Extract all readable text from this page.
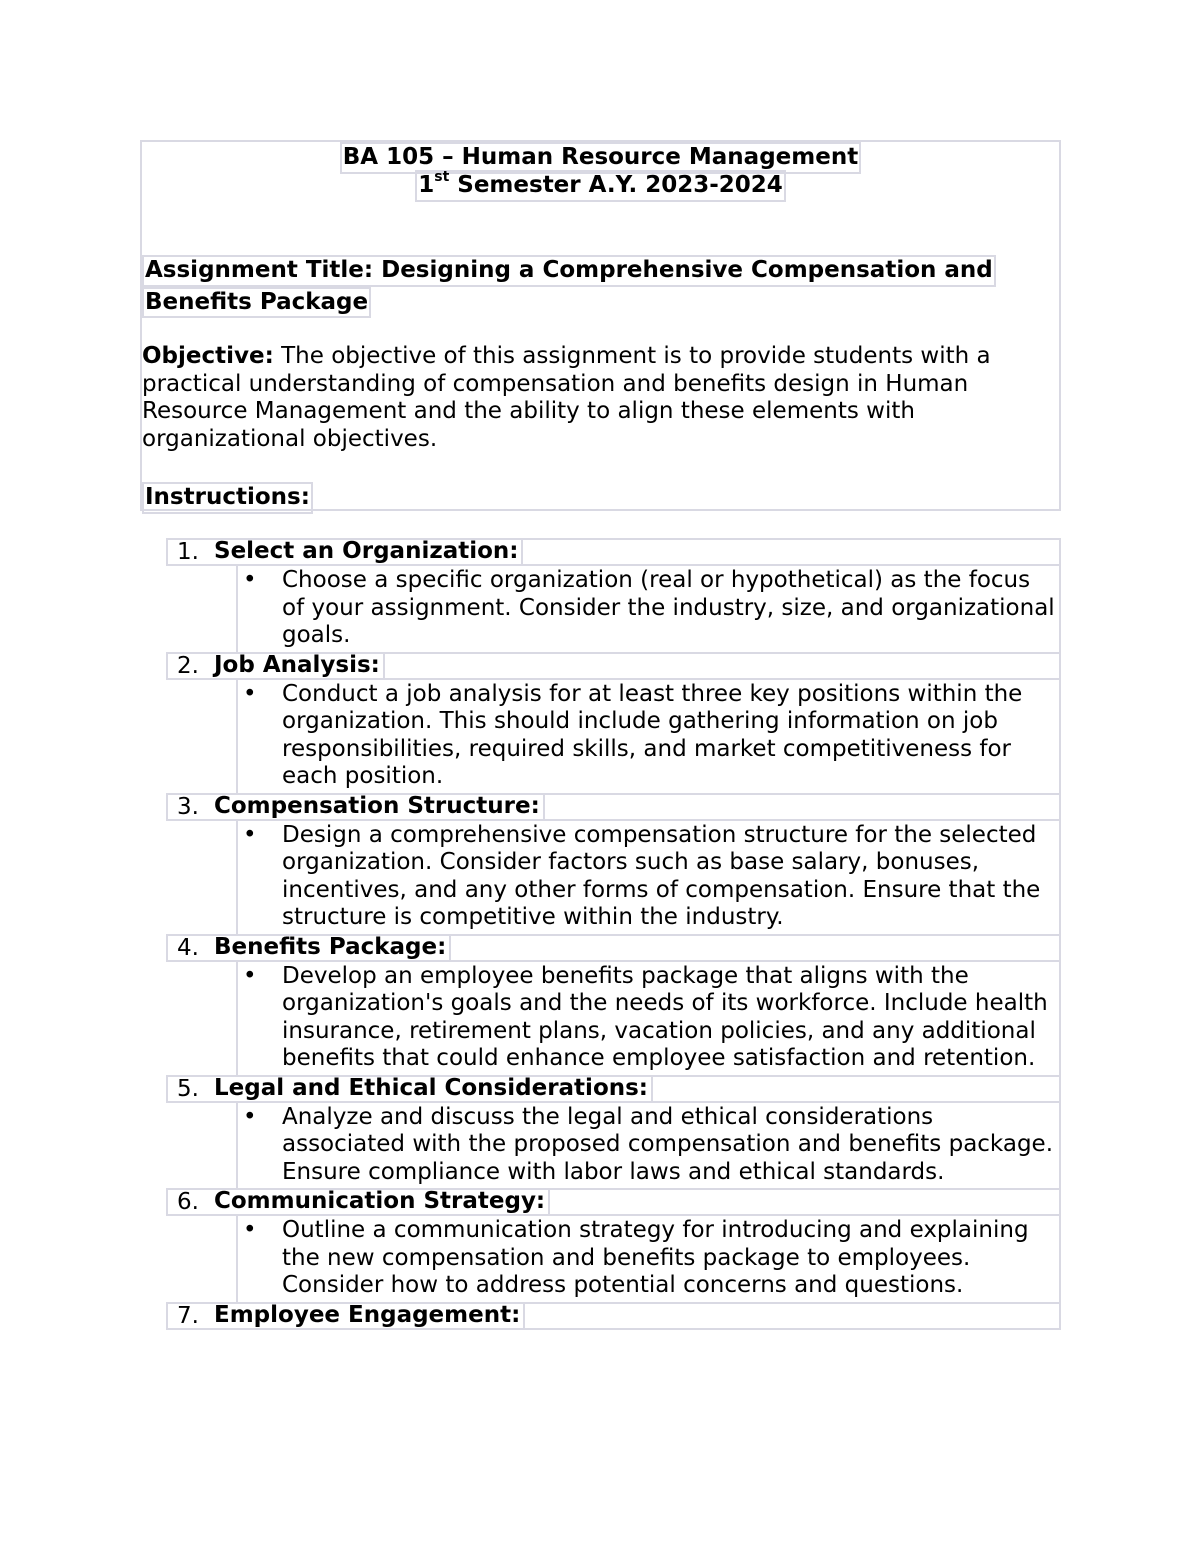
BA 105 – Human Resource Management
1st Semester A.Y. 2023-2024
Assignment Title: Designing a Comprehensive Compensation and
Benefits Package
Objective: The objective of this assignment is to provide students with a practical understanding of compensation and benefits design in Human Resource Management and the ability to align these elements with organizational objectives.
Instructions:
1. Select an Organization:
• Choose a specific organization (real or hypothetical) as the focus of your assignment. Consider the industry, size, and organizational goals.
2. Job Analysis:
• Conduct a job analysis for at least three key positions within the organization. This should include gathering information on job responsibilities, required skills, and market competitiveness for each position.
3. Compensation Structure:
• Design a comprehensive compensation structure for the selected organization. Consider factors such as base salary, bonuses, incentives, and any other forms of compensation. Ensure that the structure is competitive within the industry.
4. Benefits Package:
• Develop an employee benefits package that aligns with the organization's goals and the needs of its workforce. Include health insurance, retirement plans, vacation policies, and any additional benefits that could enhance employee satisfaction and retention.
5. Legal and Ethical Considerations:
• Analyze and discuss the legal and ethical considerations associated with the proposed compensation and benefits package. Ensure compliance with labor laws and ethical standards.
6. Communication Strategy:
• Outline a communication strategy for introducing and explaining the new compensation and benefits package to employees. Consider how to address potential concerns and questions.
7. Employee Engagement:
